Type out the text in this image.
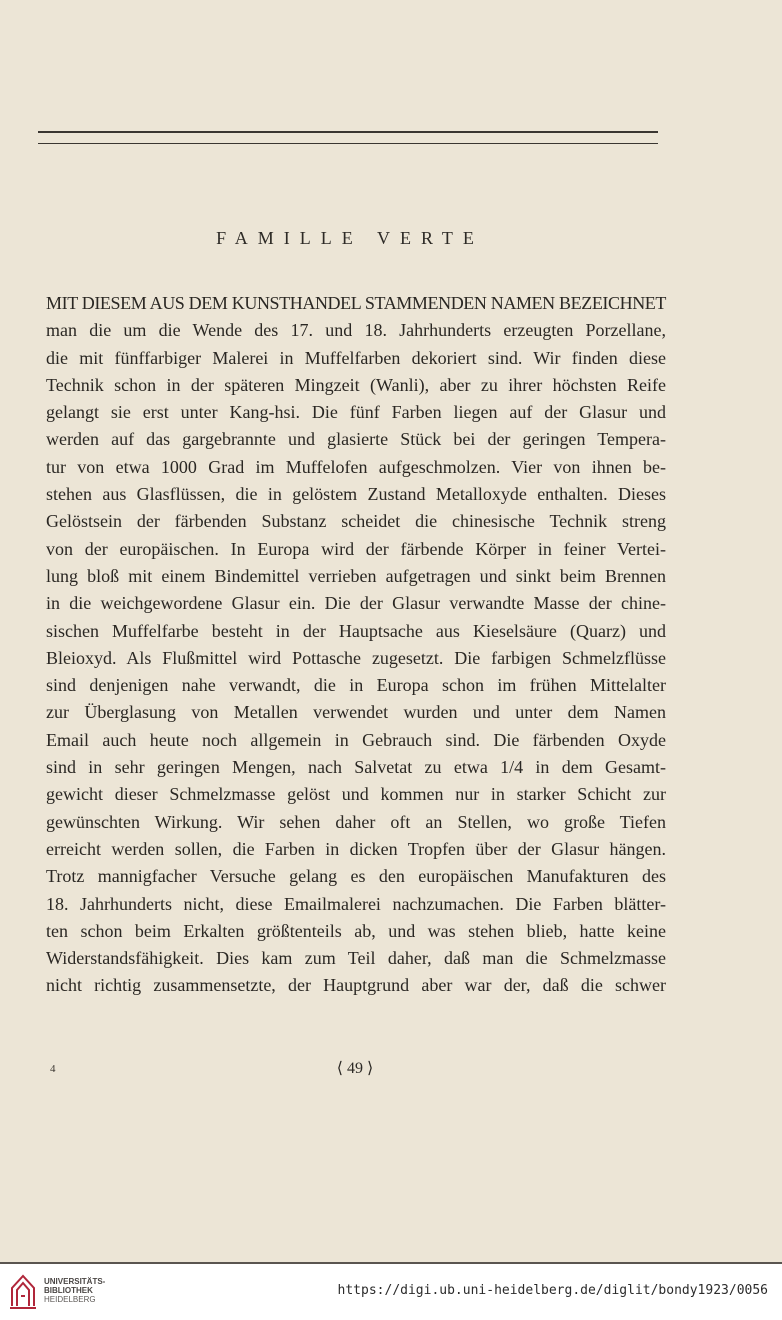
FAMILLE VERTE
MIT DIESEM AUS DEM KUNSTHANDEL STAMMENDEN NAMEN BEZEICHNET
man die um die Wende des 17. und 18. Jahrhunderts erzeugten Porzellane,
die mit fünffarbiger Malerei in Muffelfarben dekoriert sind. Wir finden diese
Technik schon in der späteren Mingzeit (Wanli), aber zu ihrer höchsten Reife
gelangt sie erst unter Kang-hsi. Die fünf Farben liegen auf der Glasur und
werden auf das gargebrannte und glasierte Stück bei der geringen Tempera-
tur von etwa 1000 Grad im Muffelofen aufgeschmolzen. Vier von ihnen be-
stehen aus Glasflüssen, die in gelöstem Zustand Metalloxyde enthalten. Dieses
Gelöstsein der färbenden Substanz scheidet die chinesische Technik streng
von der europäischen. In Europa wird der färbende Körper in feiner Vertei-
lung bloß mit einem Bindemittel verrieben aufgetragen und sinkt beim Brennen
in die weichgewordene Glasur ein. Die der Glasur verwandte Masse der chine-
sischen Muffelfarbe besteht in der Hauptsache aus Kieselsäure (Quarz) und
Bleioxyd. Als Flußmittel wird Pottasche zugesetzt. Die farbigen Schmelzflüsse
sind denjenigen nahe verwandt, die in Europa schon im frühen Mittelalter
zur Überglasung von Metallen verwendet wurden und unter dem Namen
Email auch heute noch allgemein in Gebrauch sind. Die färbenden Oxyde
sind in sehr geringen Mengen, nach Salvetat zu etwa 1/4 in dem Gesamt-
gewicht dieser Schmelzmasse gelöst und kommen nur in starker Schicht zur
gewünschten Wirkung. Wir sehen daher oft an Stellen, wo große Tiefen
erreicht werden sollen, die Farben in dicken Tropfen über der Glasur hängen.
Trotz mannigfacher Versuche gelang es den europäischen Manufakturen des
18. Jahrhunderts nicht, diese Emailmalerei nachzumachen. Die Farben blätter-
ten schon beim Erkalten größtenteils ab, und was stehen blieb, hatte keine
Widerstandsfähigkeit. Dies kam zum Teil daher, daß man die Schmelzmasse
nicht richtig zusammensetzte, der Hauptgrund aber war der, daß die schwer
4	⟨ 49 ⟩
UNIVERSITÄTS-
BIBLIOTHEK
HEIDELBERG
https://digi.ub.uni-heidelberg.de/diglit/bondy1923/0056
